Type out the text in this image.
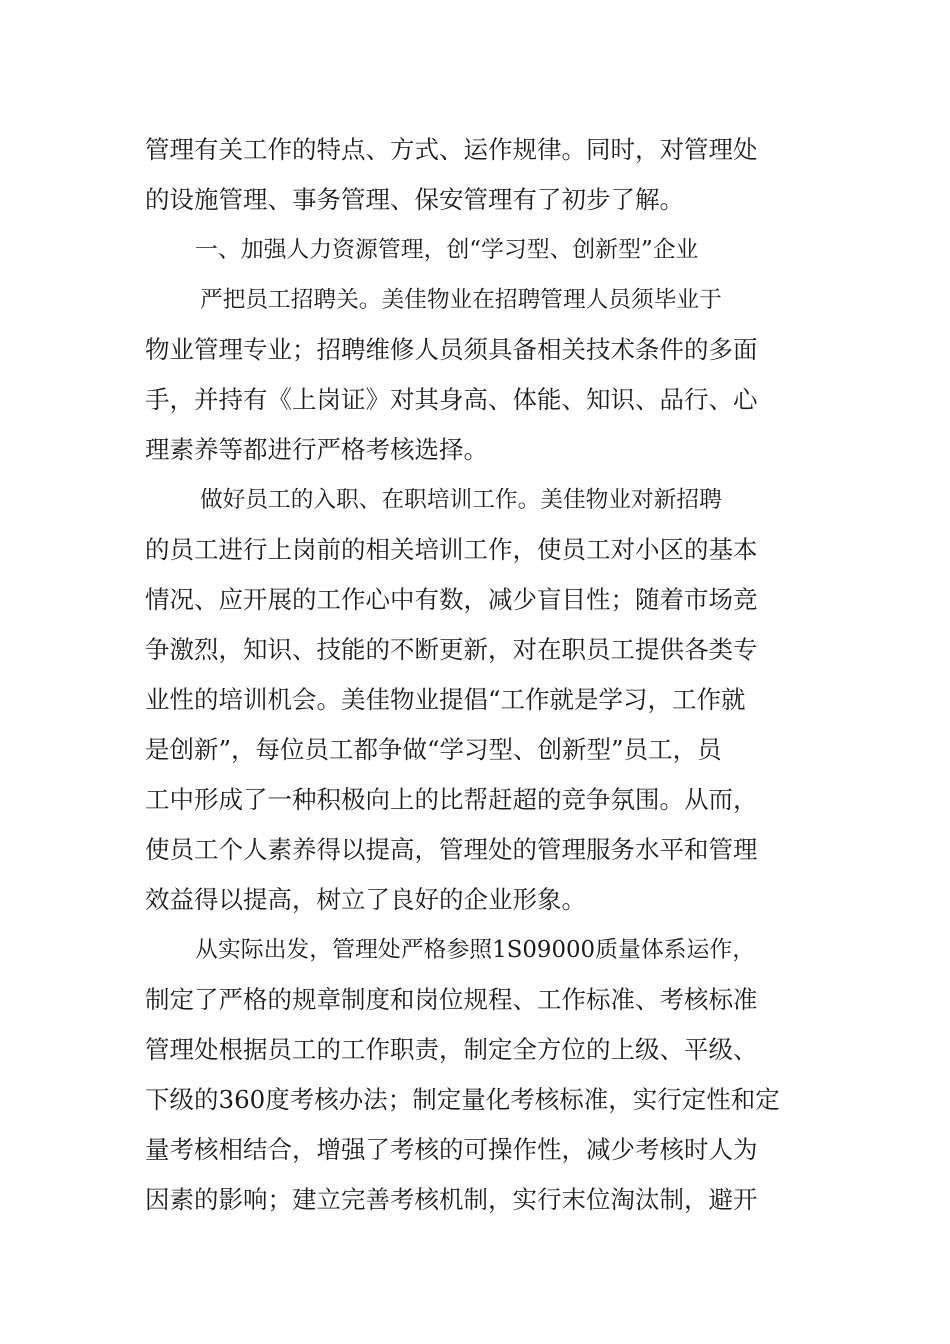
管理有关工作的特点、方式、运作规律。同时，对管理处
的设施管理、事务管理、保安管理有了初步了解。
一、加强人力资源管理，创“学习型、创新型”企业
严把员工招聘关。美佳物业在招聘管理人员须毕业于
物业管理专业；招聘维修人员须具备相关技术条件的多面
手，并持有《上岗证》对其身高、体能、知识、品行、心
理素养等都进行严格考核选择。
做好员工的入职、在职培训工作。美佳物业对新招聘
的员工进行上岗前的相关培训工作，使员工对小区的基本
情况、应开展的工作心中有数，减少盲目性；随着市场竞
争激烈，知识、技能的不断更新，对在职员工提供各类专
业性的培训机会。美佳物业提倡“工作就是学习，工作就
是创新”，每位员工都争做“学习型、创新型”员工，员
工中形成了一种积极向上的比帮赶超的竞争氛围。从而，
使员工个人素养得以提高，管理处的管理服务水平和管理
效益得以提高，树立了良好的企业形象。
从实际出发，管理处严格参照1S09000质量体系运作，
制定了严格的规章制度和岗位规程、工作标准、考核标准
管理处根据员工的工作职责，制定全方位的上级、平级、
下级的360度考核办法；制定量化考核标准，实行定性和定
量考核相结合，增强了考核的可操作性，减少考核时人为
因素的影响；建立完善考核机制，实行末位淘汰制，避开
